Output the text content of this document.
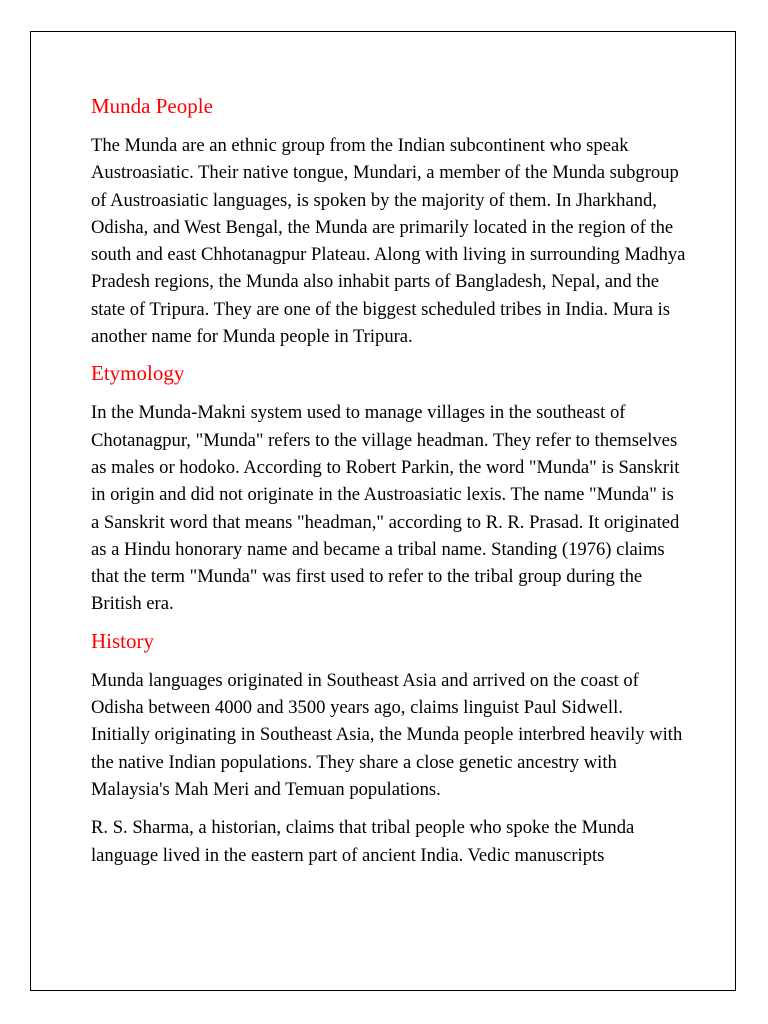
Munda People

The Munda are an ethnic group from the Indian subcontinent who speak Austroasiatic. Their native tongue, Mundari, a member of the Munda subgroup of Austroasiatic languages, is spoken by the majority of them. In Jharkhand, Odisha, and West Bengal, the Munda are primarily located in the region of the south and east Chhotanagpur Plateau. Along with living in surrounding Madhya Pradesh regions, the Munda also inhabit parts of Bangladesh, Nepal, and the state of Tripura. They are one of the biggest scheduled tribes in India. Mura is another name for Munda people in Tripura.

Etymology

In the Munda-Makni system used to manage villages in the southeast of Chotanagpur, "Munda" refers to the village headman. They refer to themselves as males or hodoko. According to Robert Parkin, the word "Munda" is Sanskrit in origin and did not originate in the Austroasiatic lexis. The name "Munda" is a Sanskrit word that means "headman," according to R. R. Prasad. It originated as a Hindu honorary name and became a tribal name. Standing (1976) claims that the term "Munda" was first used to refer to the tribal group during the British era.

History

Munda languages originated in Southeast Asia and arrived on the coast of Odisha between 4000 and 3500 years ago, claims linguist Paul Sidwell. Initially originating in Southeast Asia, the Munda people interbred heavily with the native Indian populations. They share a close genetic ancestry with Malaysia's Mah Meri and Temuan populations.

R. S. Sharma, a historian, claims that tribal people who spoke the Munda language lived in the eastern part of ancient India. Vedic manuscripts
